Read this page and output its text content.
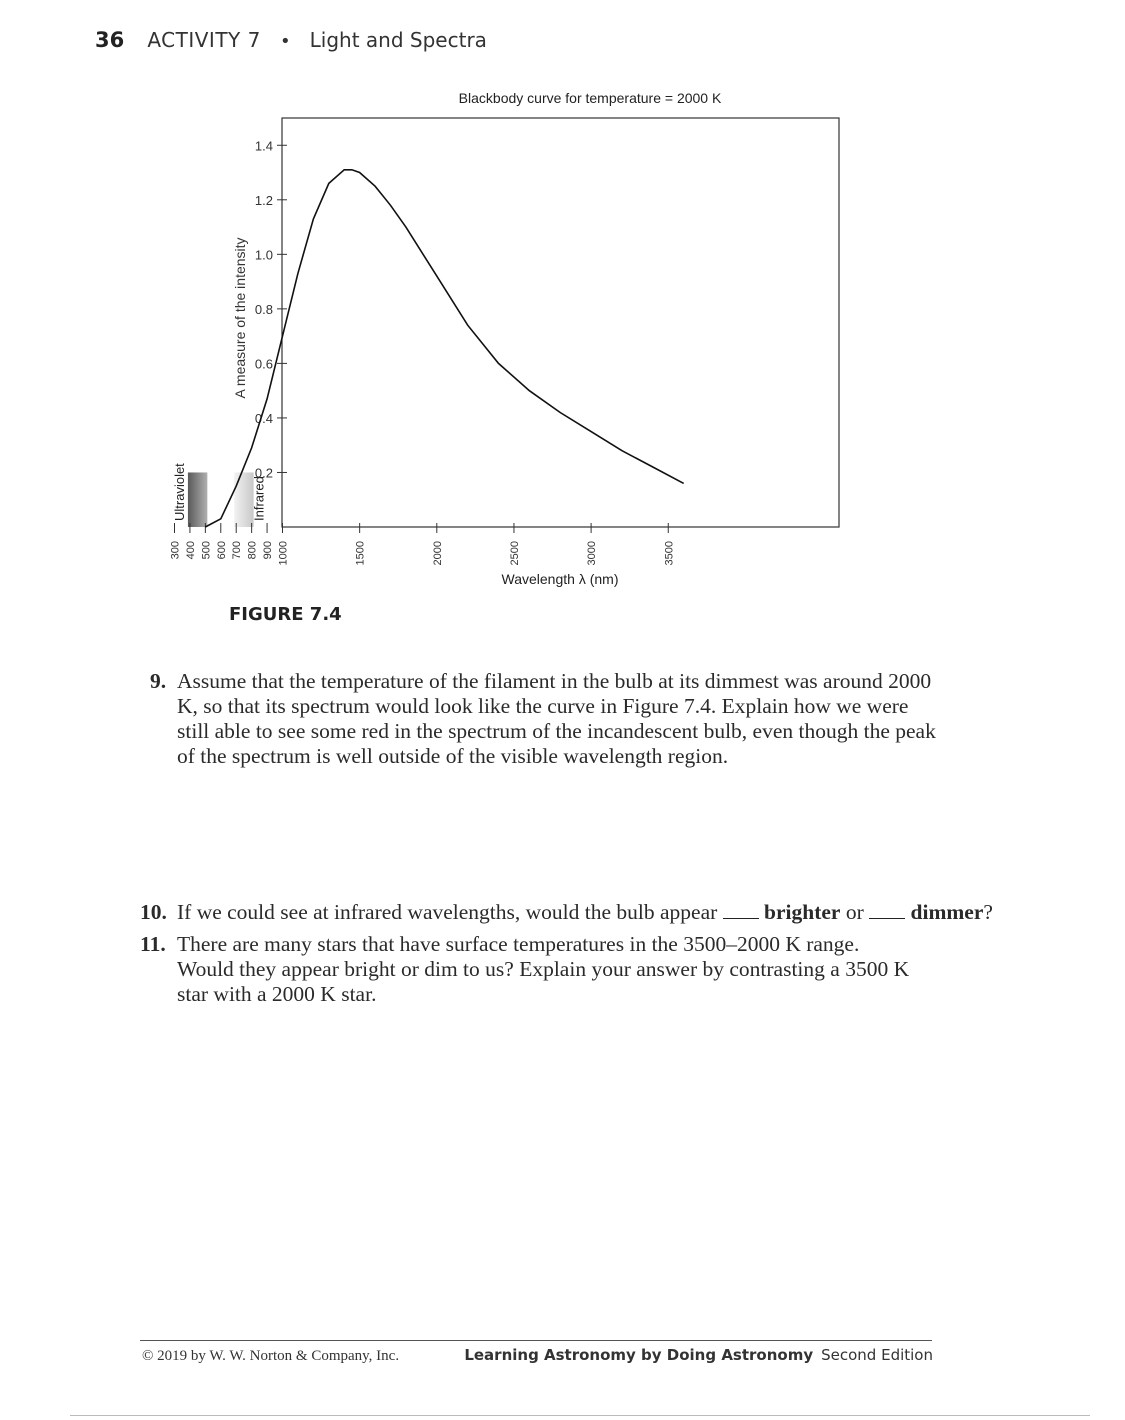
36 ACTIVITY 7 • Light and Spectra
Ultraviolet	Infrared
0.2
0.4
0.6
0.8
1.0
1.2
1.4
300 400 500 600 700 800 900 1000	1500	2000	2500	3000	3500
Blackbody curve for temperature = 2000 K
Wavelength λ (nm)
A measure of the intensity
FIGURE 7.4
9. Assume that the temperature of the filament in the bulb at its dimmest was around 2000 K, so that its spectrum would look like the curve in Figure 7.4. Explain how we were still able to see some red in the spectrum of the incandescent bulb, even though the peak of the spectrum is well outside of the visible wavelength region.
10. If we could see at infrared wavelengths, would the bulb appear brighter or dimmer?
11. There are many stars that have surface temperatures in the 3500–2000 K range. Would they appear bright or dim to us? Explain your answer by contrasting a 3500 K star with a 2000 K star.
© 2019 by W. W. Norton & Company, Inc.	Learning Astronomy by Doing Astronomy Second Edition
